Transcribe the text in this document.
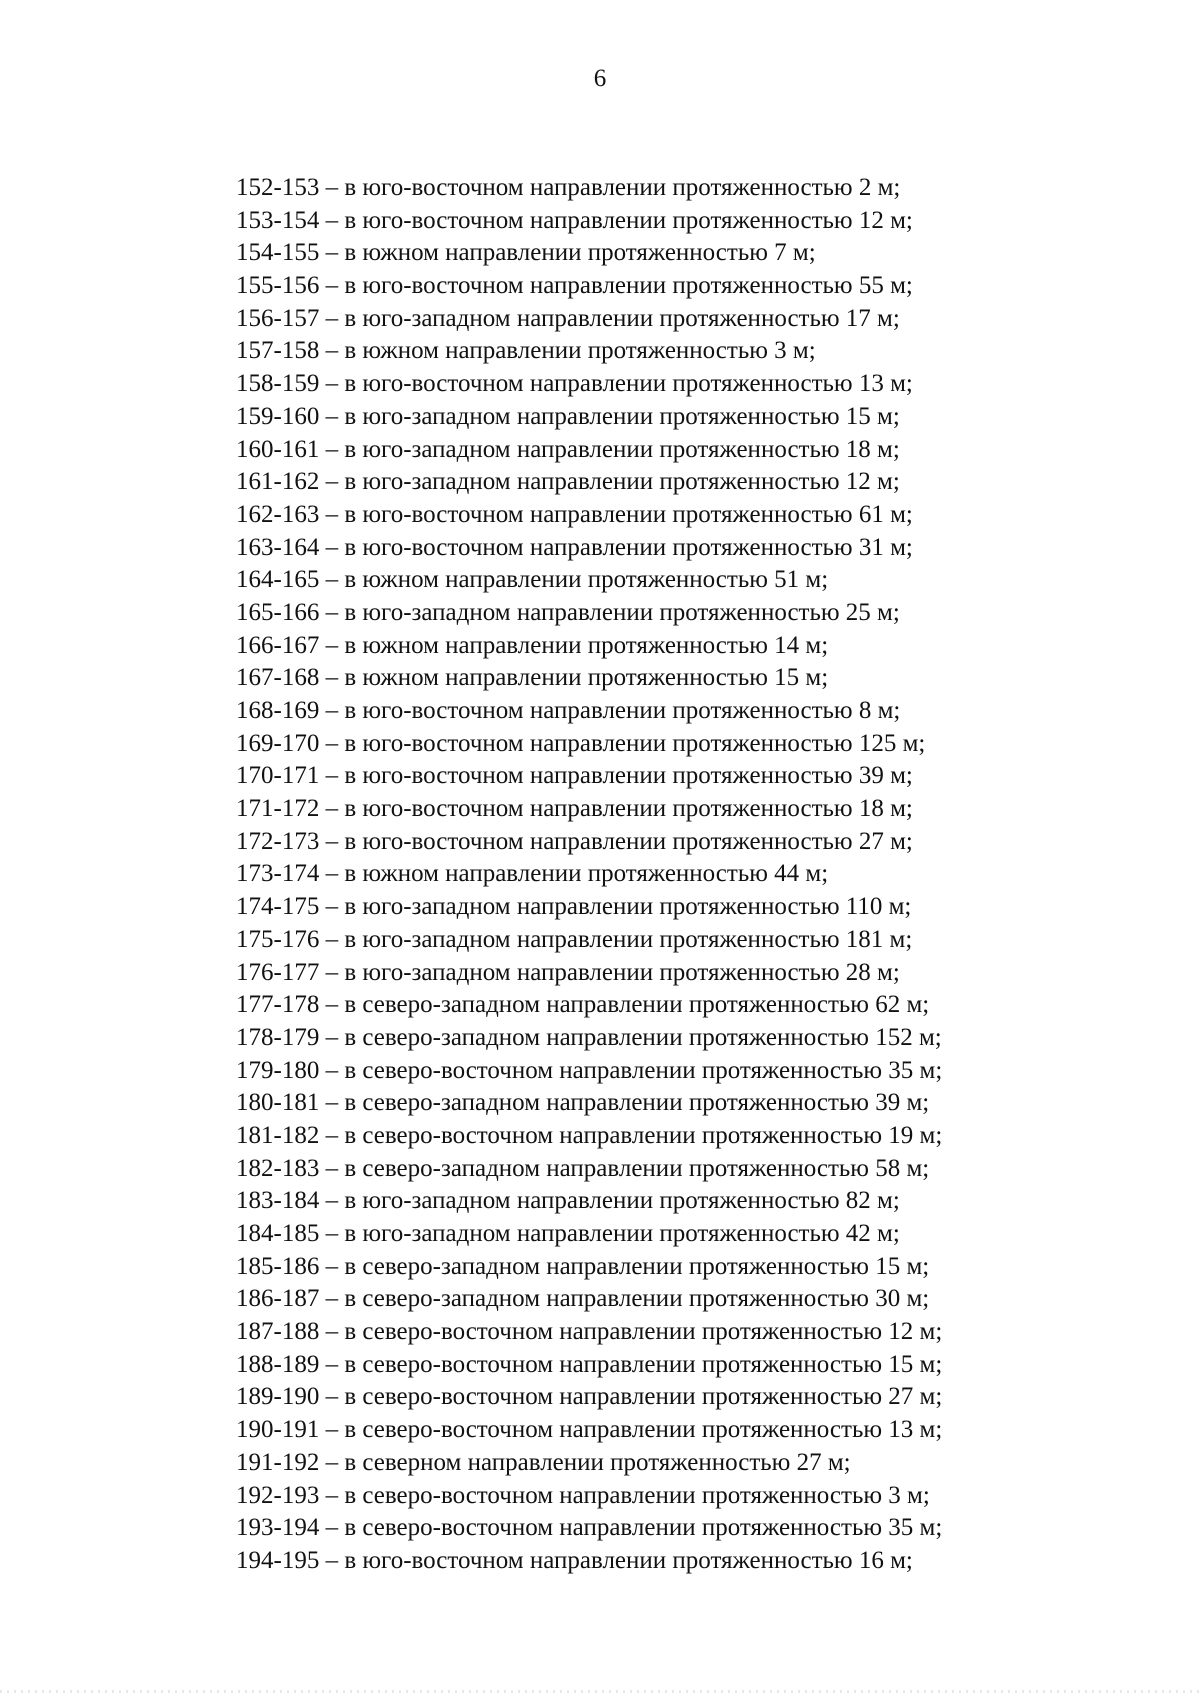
6
152-153 – в юго-восточном направлении протяженностью 2 м;
153-154 – в юго-восточном направлении протяженностью 12 м;
154-155 – в южном направлении протяженностью 7 м;
155-156 – в юго-восточном направлении протяженностью 55 м;
156-157 – в юго-западном направлении протяженностью 17 м;
157-158 – в южном направлении протяженностью 3 м;
158-159 – в юго-восточном направлении протяженностью 13 м;
159-160 – в юго-западном направлении протяженностью 15 м;
160-161 – в юго-западном направлении протяженностью 18 м;
161-162 – в юго-западном направлении протяженностью 12 м;
162-163 – в юго-восточном направлении протяженностью 61 м;
163-164 – в юго-восточном направлении протяженностью 31 м;
164-165 – в южном направлении протяженностью 51 м;
165-166 – в юго-западном направлении протяженностью 25 м;
166-167 – в южном направлении протяженностью 14 м;
167-168 – в южном направлении протяженностью 15 м;
168-169 – в юго-восточном направлении протяженностью 8 м;
169-170 – в юго-восточном направлении протяженностью 125 м;
170-171 – в юго-восточном направлении протяженностью 39 м;
171-172 – в юго-восточном направлении протяженностью 18 м;
172-173 – в юго-восточном направлении протяженностью 27 м;
173-174 – в южном направлении протяженностью 44 м;
174-175 – в юго-западном направлении протяженностью 110 м;
175-176 – в юго-западном направлении протяженностью 181 м;
176-177 – в юго-западном направлении протяженностью 28 м;
177-178 – в северо-западном направлении протяженностью 62 м;
178-179 – в северо-западном направлении протяженностью 152 м;
179-180 – в северо-восточном направлении протяженностью 35 м;
180-181 – в северо-западном направлении протяженностью 39 м;
181-182 – в северо-восточном направлении протяженностью 19 м;
182-183 – в северо-западном направлении протяженностью 58 м;
183-184 – в юго-западном направлении протяженностью 82 м;
184-185 – в юго-западном направлении протяженностью 42 м;
185-186 – в северо-западном направлении протяженностью 15 м;
186-187 – в северо-западном направлении протяженностью 30 м;
187-188 – в северо-восточном направлении протяженностью 12 м;
188-189 – в северо-восточном направлении протяженностью 15 м;
189-190 – в северо-восточном направлении протяженностью 27 м;
190-191 – в северо-восточном направлении протяженностью 13 м;
191-192 – в северном направлении протяженностью 27 м;
192-193 – в северо-восточном направлении протяженностью 3 м;
193-194 – в северо-восточном направлении протяженностью 35 м;
194-195 – в юго-восточном направлении протяженностью 16 м;
